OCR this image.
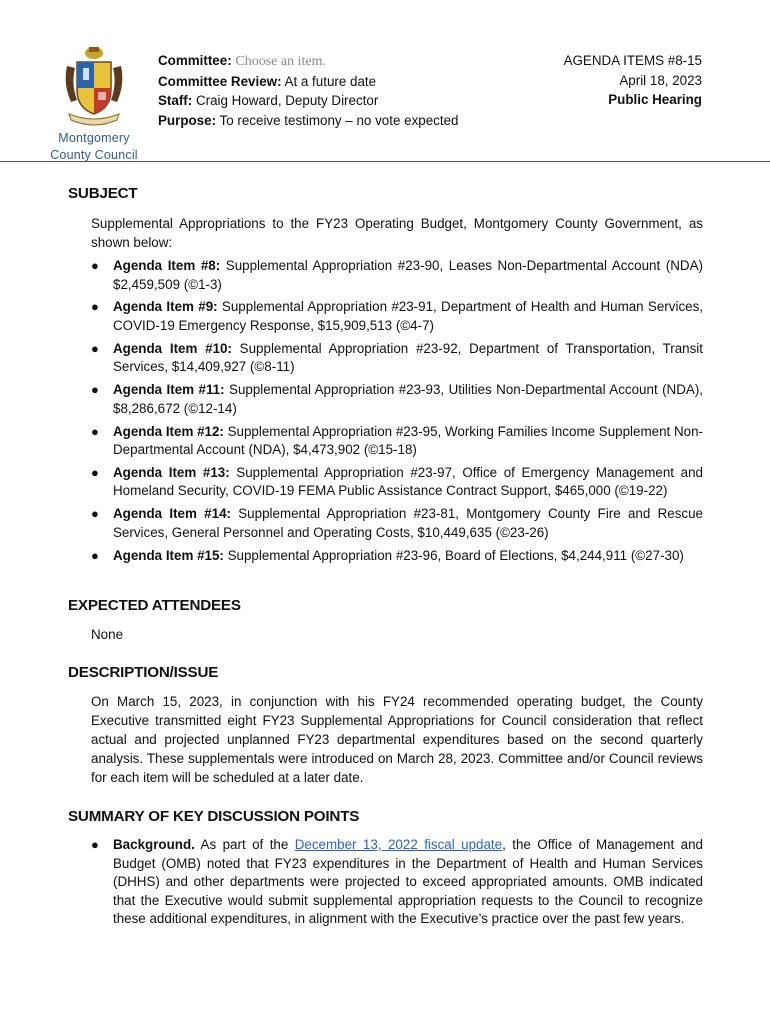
Montgomery
County Council
Committee: Choose an item.
Committee Review: At a future date
Staff: Craig Howard, Deputy Director
Purpose: To receive testimony – no vote expected
AGENDA ITEMS #8-15
April 18, 2023
Public Hearing
SUBJECT
Supplemental Appropriations to the FY23 Operating Budget, Montgomery County Government, as shown below:
● Agenda Item #8: Supplemental Appropriation #23-90, Leases Non-Departmental Account (NDA) $2,459,509 (©1-3)
● Agenda Item #9: Supplemental Appropriation #23-91, Department of Health and Human Services, COVID-19 Emergency Response, $15,909,513 (©4-7)
● Agenda Item #10: Supplemental Appropriation #23-92, Department of Transportation, Transit Services, $14,409,927 (©8-11)
● Agenda Item #11: Supplemental Appropriation #23-93, Utilities Non-Departmental Account (NDA), $8,286,672 (©12-14)
● Agenda Item #12: Supplemental Appropriation #23-95, Working Families Income Supplement Non-Departmental Account (NDA), $4,473,902 (©15-18)
● Agenda Item #13: Supplemental Appropriation #23-97, Office of Emergency Management and Homeland Security, COVID-19 FEMA Public Assistance Contract Support, $465,000 (©19-22)
● Agenda Item #14: Supplemental Appropriation #23-81, Montgomery County Fire and Rescue Services, General Personnel and Operating Costs, $10,449,635 (©23-26)
● Agenda Item #15: Supplemental Appropriation #23-96, Board of Elections, $4,244,911 (©27-30)
EXPECTED ATTENDEES
None
DESCRIPTION/ISSUE
On March 15, 2023, in conjunction with his FY24 recommended operating budget, the County Executive transmitted eight FY23 Supplemental Appropriations for Council consideration that reflect actual and projected unplanned FY23 departmental expenditures based on the second quarterly analysis. These supplementals were introduced on March 28, 2023. Committee and/or Council reviews for each item will be scheduled at a later date.
SUMMARY OF KEY DISCUSSION POINTS
● Background. As part of the December 13, 2022 fiscal update, the Office of Management and Budget (OMB) noted that FY23 expenditures in the Department of Health and Human Services (DHHS) and other departments were projected to exceed appropriated amounts. OMB indicated that the Executive would submit supplemental appropriation requests to the Council to recognize these additional expenditures, in alignment with the Executive’s practice over the past few years.
